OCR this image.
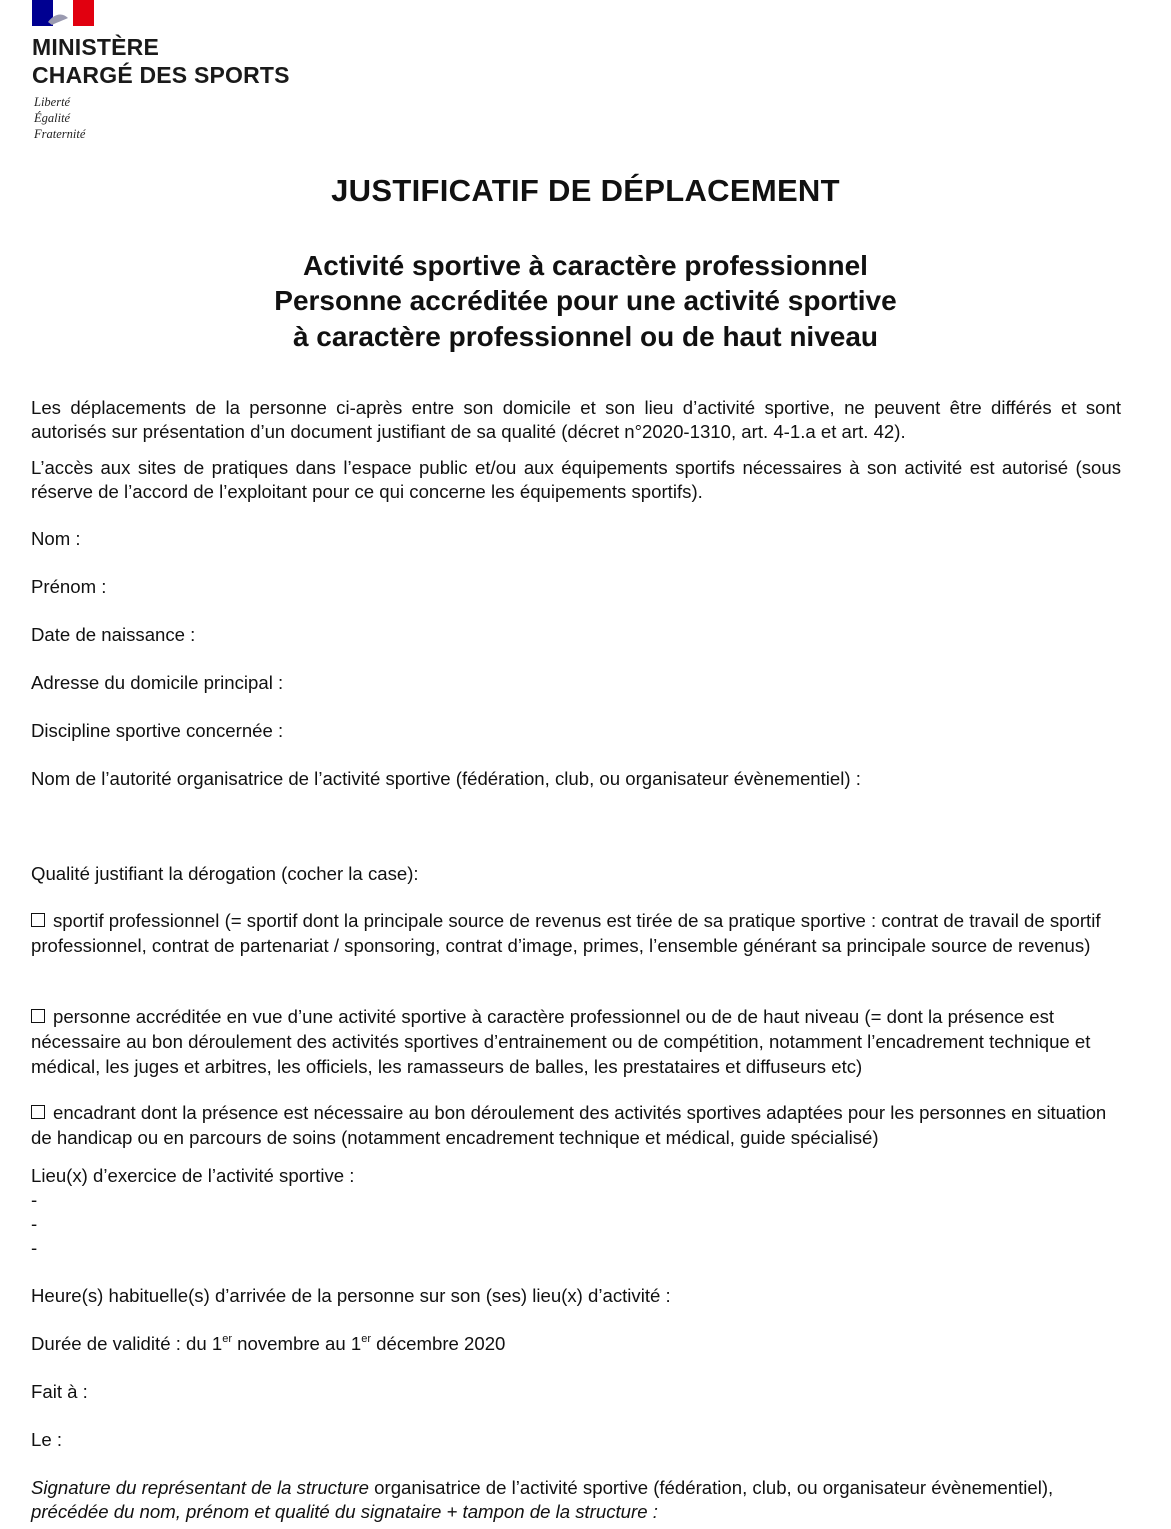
MINISTÈRE
CHARGÉ DES SPORTS
Liberté
Égalité
Fraternité
JUSTIFICATIF DE DÉPLACEMENT
Activité sportive à caractère professionnel
Personne accréditée pour une activité sportive
à caractère professionnel ou de haut niveau
Les déplacements de la personne ci-après entre son domicile et son lieu d’activité sportive, ne peuvent être différés et sont autorisés sur présentation d’un document justifiant de sa qualité (décret n°2020-1310, art. 4-1.a et art. 42).
L’accès aux sites de pratiques dans l’espace public et/ou aux équipements sportifs nécessaires à son activité est autorisé (sous réserve de l’accord de l’exploitant pour ce qui concerne les équipements sportifs).
Nom :
Prénom :
Date de naissance :
Adresse du domicile principal :
Discipline sportive concernée :
Nom de l’autorité organisatrice de l’activité sportive (fédération, club, ou organisateur évènementiel) :
Qualité justifiant la dérogation (cocher la case):
sportif professionnel (= sportif dont la principale source de revenus est tirée de sa pratique sportive : contrat de travail de sportif professionnel, contrat de partenariat / sponsoring, contrat d’image, primes, l’ensemble générant sa principale source de revenus)
personne accréditée en vue d’une activité sportive à caractère professionnel ou de de haut niveau (= dont la présence est nécessaire au bon déroulement des activités sportives d’entrainement ou de compétition, notamment l’encadrement technique et médical, les juges et arbitres, les officiels, les ramasseurs de balles, les prestataires et diffuseurs etc)
encadrant dont la présence est nécessaire au bon déroulement des activités sportives adaptées pour les personnes en situation de handicap ou en parcours de soins (notamment encadrement technique et médical, guide spécialisé)
Lieu(x) d’exercice de l’activité sportive :
-
-
-
Heure(s) habituelle(s) d’arrivée de la personne sur son (ses) lieu(x) d’activité :
Durée de validité : du 1er novembre au 1er décembre 2020
Fait à :
Le :
Signature du représentant de la structure organisatrice de l’activité sportive (fédération, club, ou organisateur évènementiel), précédée du nom, prénom et qualité du signataire + tampon de la structure :
